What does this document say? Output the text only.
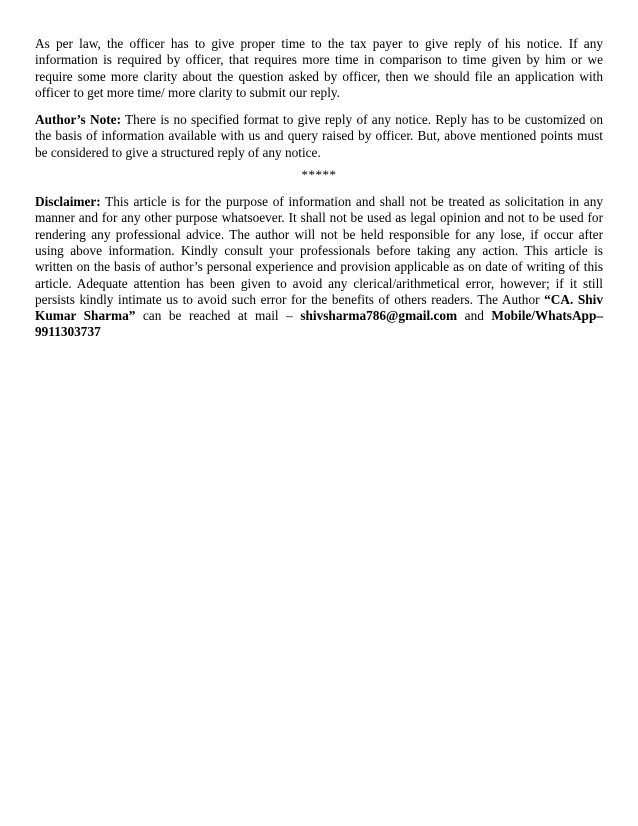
As per law, the officer has to give proper time to the tax payer to give reply of his notice. If any information is required by officer, that requires more time in comparison to time given by him or we require some more clarity about the question asked by officer, then we should file an application with officer to get more time/ more clarity to submit our reply.

Author’s Note: There is no specified format to give reply of any notice. Reply has to be customized on the basis of information available with us and query raised by officer. But, above mentioned points must be considered to give a structured reply of any notice.

*****

Disclaimer: This article is for the purpose of information and shall not be treated as solicitation in any manner and for any other purpose whatsoever. It shall not be used as legal opinion and not to be used for rendering any professional advice. The author will not be held responsible for any lose, if occur after using above information. Kindly consult your professionals before taking any action. This article is written on the basis of author’s personal experience and provision applicable as on date of writing of this article. Adequate attention has been given to avoid any clerical/arithmetical error, however; if it still persists kindly intimate us to avoid such error for the benefits of others readers. The Author “CA. Shiv Kumar Sharma” can be reached at mail – shivsharma786@gmail.com and Mobile/WhatsApp–9911303737
